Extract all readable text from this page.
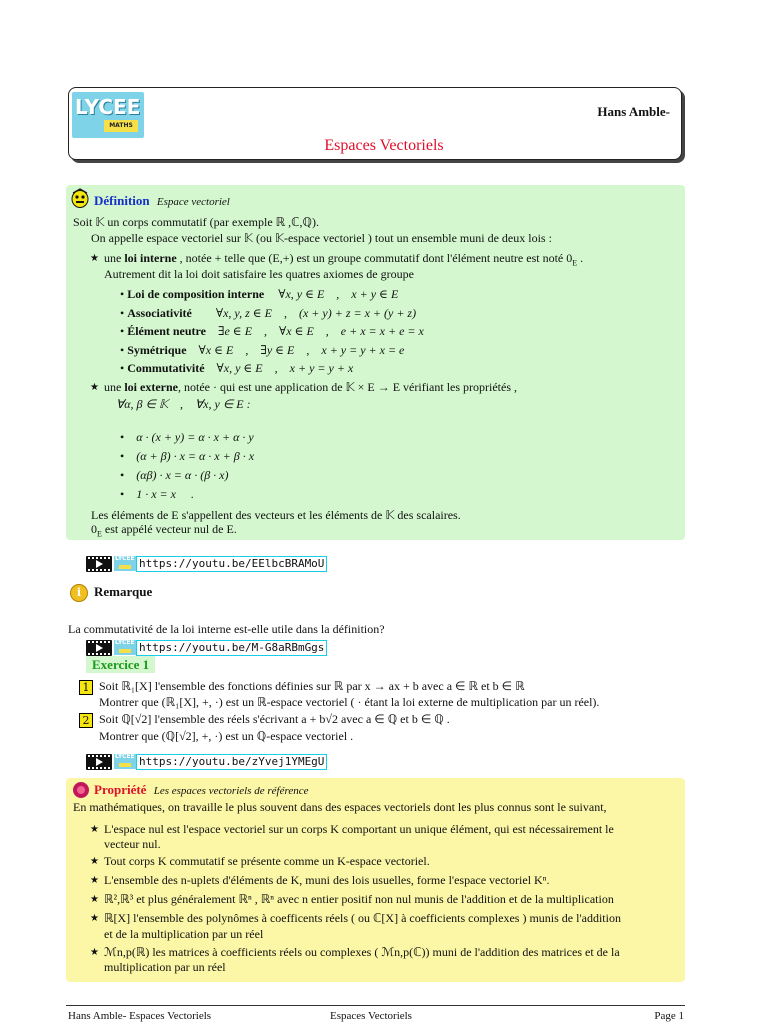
LYCEE
MATHS
Hans Amble-
Espaces Vectoriels
Définition Espace vectoriel
Soit 𝕂 un corps commutatif (par exemple ℝ ,ℂ,ℚ).
On appelle espace vectoriel sur 𝕂 (ou 𝕂-espace vectoriel ) tout un ensemble muni de deux lois :
★ une loi interne , notée + telle que (E,+) est un groupe commutatif dont l'élément neutre est noté $0_E$ .
Autrement dit la loi doit satisfaire les quatres axiomes de groupe
• Loi de composition interne ∀x, y ∈ E    ,    x + y ∈ E
• Associativité ∀x, y, z ∈ E    ,    (x + y) + z = x + (y + z)
• Élément neutre ∃e ∈ E    ,    ∀x ∈ E    ,    e + x = x + e = x
• Symétrique ∀x ∈ E    ,    ∃y ∈ E    ,    x + y = y + x = e
• Commutativité ∀x, y ∈ E    ,    x + y = y + x
★ une loi externe, notée · qui est une application de 𝕂 × E → E vérifiant les propriétés ,
∀α, β ∈ 𝕂    ,    ∀x, y ∈ E :
• α · (x + y) = α · x + α · y
• (α + β) · x = α · x + β · x
• (αβ) · x = α · (β · x)
• 1 · x = x     .
Les éléments de E s'appellent des vecteurs et les éléments de 𝕂 des scalaires.
$0_E$ est appélé vecteur nul de E.
LYCEE https://youtu.be/EElbcBRAMoU
i Remarque
La commutativité de la loi interne est-elle utile dans la définition?
LYCEE https://youtu.be/M-G8aRBmGgs
Exercice 1
1 Soit ℝ₁[X] l'ensemble des fonctions définies sur ℝ par x → ax + b avec a ∈ ℝ et b ∈ ℝ
Montrer que (ℝ₁[X], +, ·) est un ℝ-espace vectoriel ( · étant la loi externe de multiplication par un réel).
2 Soit ℚ[√2] l'ensemble des réels s'écrivant a + b√2 avec a ∈ ℚ et b ∈ ℚ .
Montrer que (ℚ[√2], +, ·) est un ℚ-espace vectoriel .
LYCEE https://youtu.be/zYvej1YMEgU
Propriété Les espaces vectoriels de référence
En mathématiques, on travaille le plus souvent dans des espaces vectoriels dont les plus connus sont le suivant,
★ L'espace nul est l'espace vectoriel sur un corps K comportant un unique élément, qui est nécessairement le
vecteur nul.
★ Tout corps K commutatif se présente comme un K-espace vectoriel.
★ L'ensemble des n-uplets d'éléments de K, muni des lois usuelles, forme l'espace vectoriel Kⁿ.
★ ℝ²,ℝ³ et plus généralement ℝⁿ , ℝⁿ avec n entier positif non nul munis de l'addition et de la multiplication
★ ℝ[X] l'ensemble des polynômes à coefficents réels ( ou ℂ[X] à coefficients complexes ) munis de l'addition
et de la multiplication par un réel
★ ℳn,p(ℝ) les matrices à coefficients réels ou complexes ( ℳn,p(ℂ)) muni de l'addition des matrices et de la
multiplication par un réel
Hans Amble- Espaces Vectoriels	Espaces Vectoriels	Page 1
